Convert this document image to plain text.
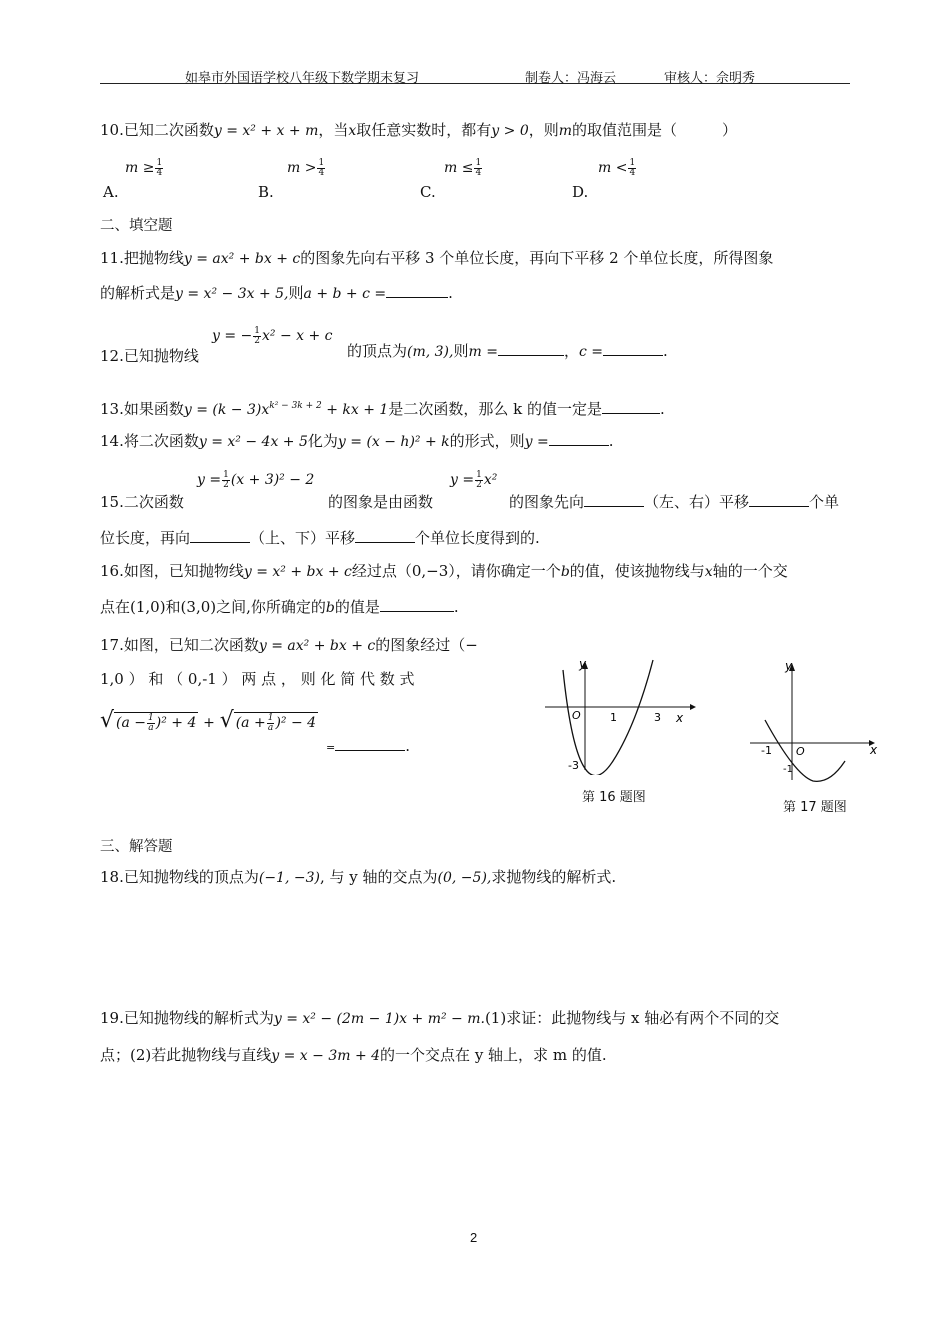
如皋市外国语学校八年级下数学期末复习	制卷人：冯海云	审核人：佘明秀
10.已知二次函数y = x² + x + m，当x取任意实数时，都有y > 0，则m的取值范围是（　　　）
$m \ge \frac{1}{4}$
A.
$m > \frac{1}{4}$
B.
$m \le \frac{1}{4}$
C.
$m < \frac{1}{4}$
D.
二、填空题
11.把抛物线y = ax² + bx + c的图象先向右平移 3 个单位长度，再向下平移 2 个单位长度，所得图象
的解析式是y = x² − 3x + 5,则a + b + c =	.
y = − $\frac{1}{2} x^2 - x + c$
12.已知抛物线	的顶点为(m, 3),则m =	，c =	.
13.如果函数$y = (k - 3)x^{k^2 - 3k + 2}$ + kx + 1是二次函数，那么 k 的值一定是	.
14.将二次函数y = x² − 4x + 5化为y = (x − h)² + k的形式，则y =	.
$y = \frac{1}{2} (x + 3)^2 - 2$	$y = \frac{1}{2} x^2$
15.二次函数	的图象是由函数	的图象先向	（左、右）平移	个单
位长度，再向	（上、下）平移	个单位长度得到的.
16.如图，已知抛物线y = x² + bx + c经过点（0,−3），请你确定一个b的值，使该抛物线与x轴的一个交
点在(1,0)和(3,0)之间,你所确定的b的值是	.
17.如图，已知二次函数y = ax² + bx + c的图象经过（−
1,0 ） 和 （ 0,-1 ） 两 点 ， 则 化 简 代 数 式
√ $(a - \frac{1}{a} )^2 + 4$ + √ $(a + \frac{1}{a} )^2 - 4$
=	.
y
O	1	3 x
-3
第 16 题图
y
-1 O
-1
x
第 17 题图
三、解答题
18.已知抛物线的顶点为(−1, −3), 与 y 轴的交点为(0, −5),求抛物线的解析式.
19.已知抛物线的解析式为y = x² − (2m − 1)x + m² − m.(1)求证：此抛物线与 x 轴必有两个不同的交
点；(2)若此抛物线与直线y = x − 3m + 4的一个交点在 y 轴上，求 m 的值.
2
